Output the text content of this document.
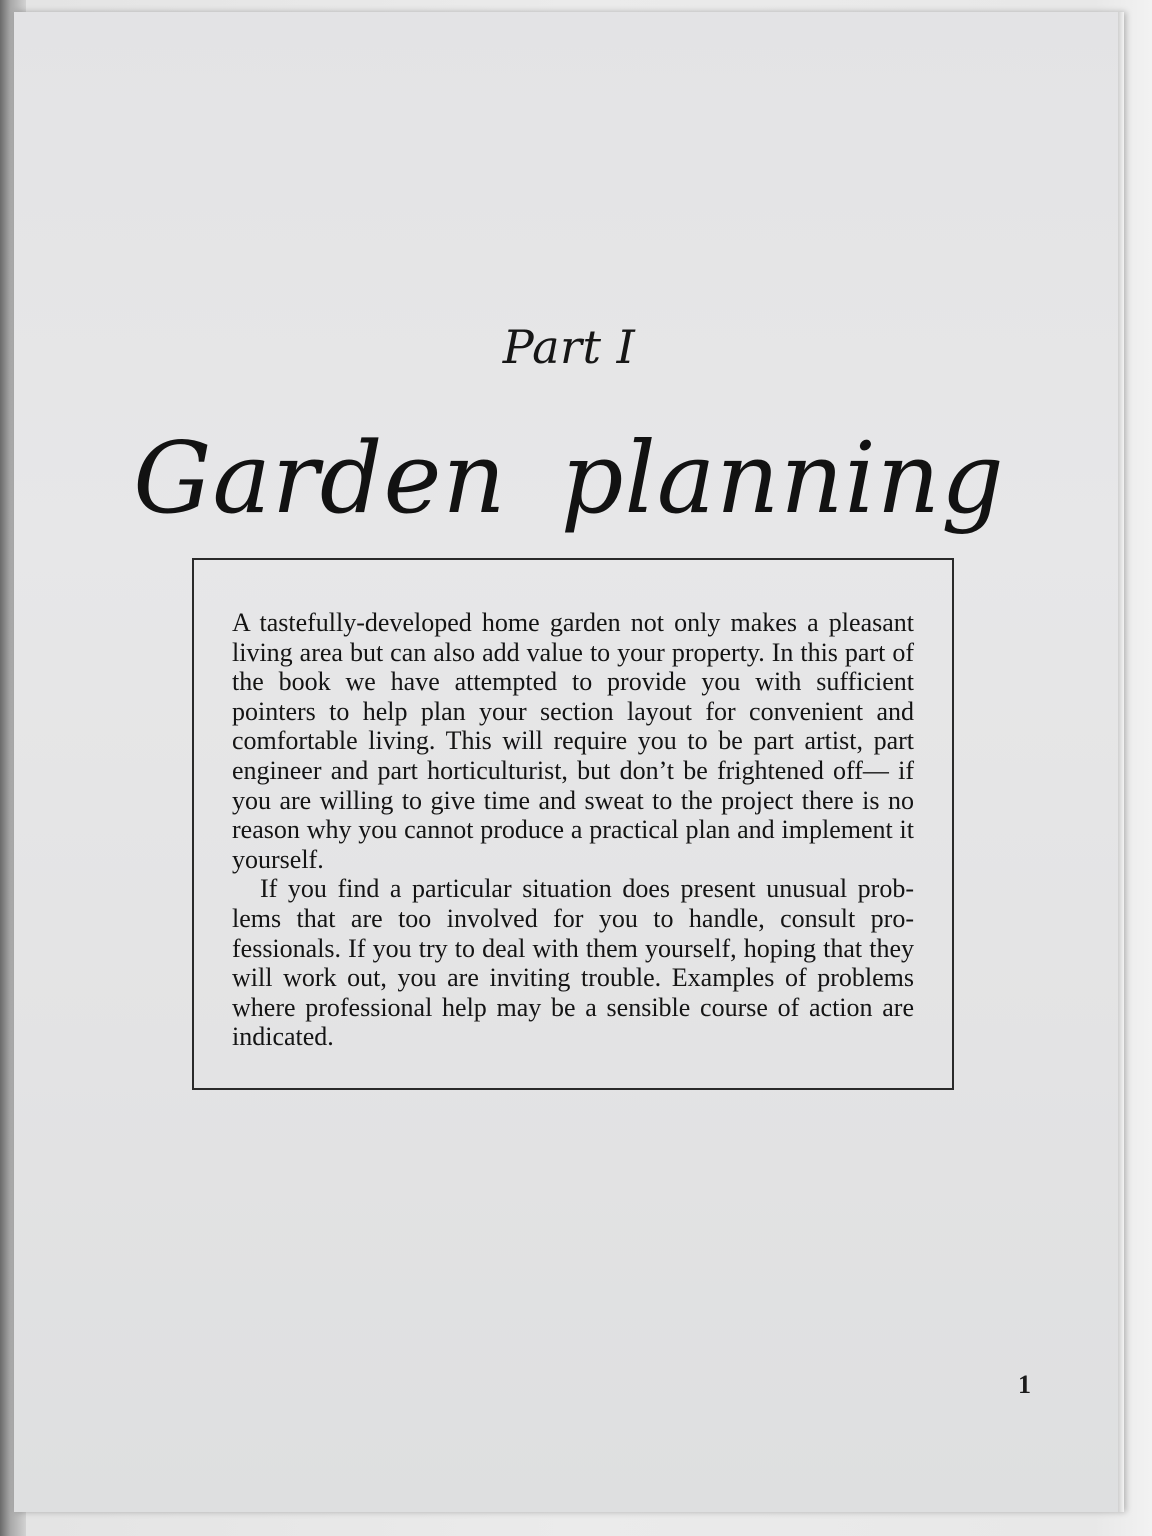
Part I
Garden planning

A tastefully-developed home garden not only makes a pleasant living area but can also add value to your property. In this part of the book we have attempted to provide you with sufficient pointers to help plan your section layout for convenient and comfortable living. This will require you to be part artist, part engineer and part horticulturist, but don’t be frightened off— if you are willing to give time and sweat to the project there is no reason why you cannot produce a practical plan and implement it yourself.

If you find a particular situation does present unusual problems that are too involved for you to handle, consult professionals. If you try to deal with them yourself, hoping that they will work out, you are inviting trouble. Examples of problems where professional help may be a sensible course of action are indicated.

1
